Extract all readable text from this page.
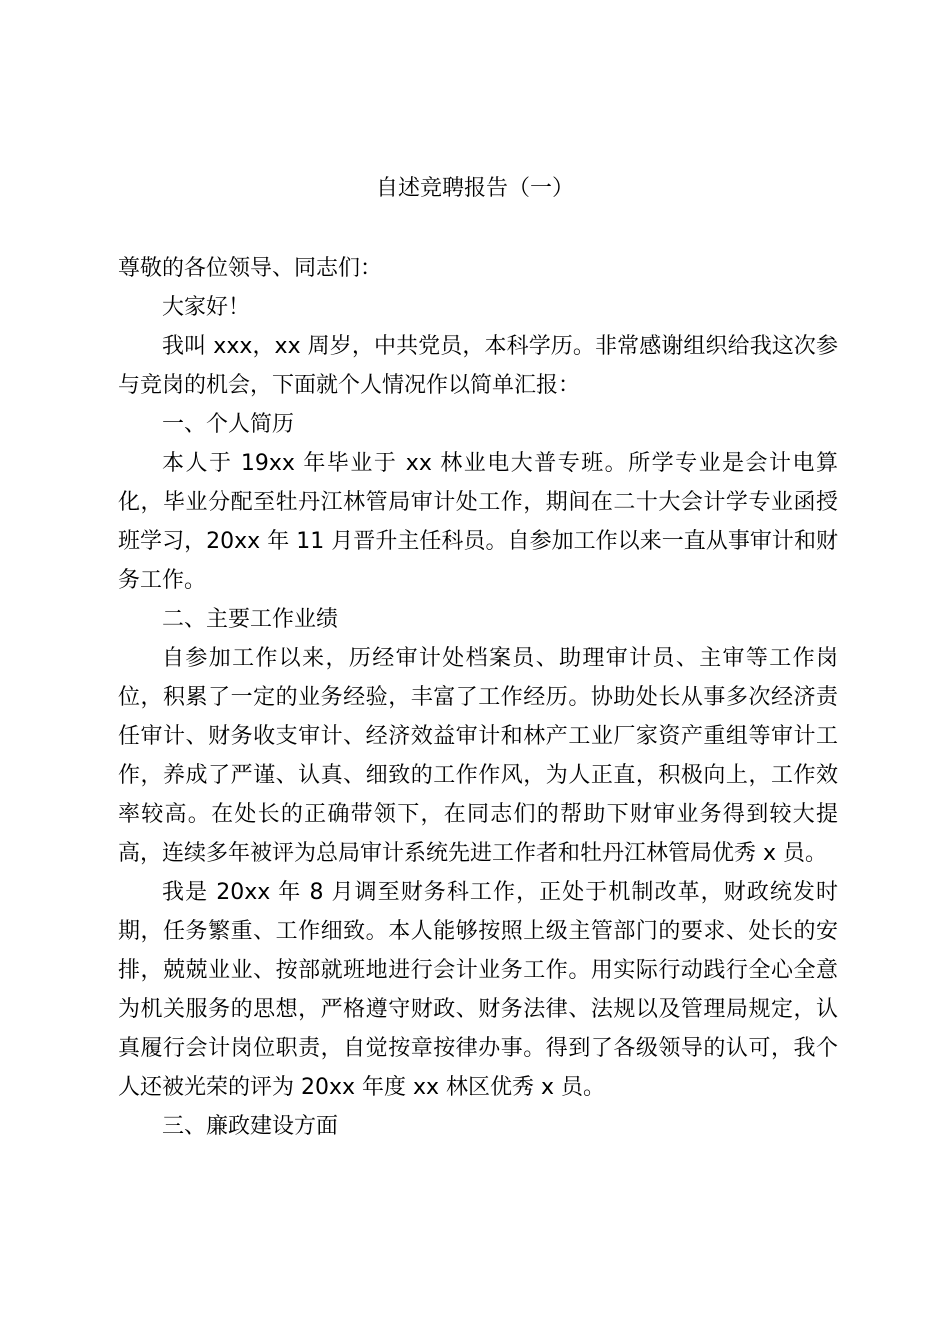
自述竞聘报告（一）

尊敬的各位领导、同志们：

大家好！

我叫 xxx，xx 周岁，中共党员，本科学历。非常感谢组织给我这次参与竞岗的机会，下面就个人情况作以简单汇报：

一、个人简历

本人于 19xx 年毕业于 xx 林业电大普专班。所学专业是会计电算化，毕业分配至牡丹江林管局审计处工作，期间在二十大会计学专业函授班学习，20xx 年 11 月晋升主任科员。自参加工作以来一直从事审计和财务工作。

二、主要工作业绩

自参加工作以来，历经审计处档案员、助理审计员、主审等工作岗位，积累了一定的业务经验，丰富了工作经历。协助处长从事多次经济责任审计、财务收支审计、经济效益审计和林产工业厂家资产重组等审计工作，养成了严谨、认真、细致的工作作风，为人正直，积极向上，工作效率较高。在处长的正确带领下，在同志们的帮助下财审业务得到较大提高，连续多年被评为总局审计系统先进工作者和牡丹江林管局优秀 x 员。

我是 20xx 年 8 月调至财务科工作，正处于机制改革，财政统发时期，任务繁重、工作细致。本人能够按照上级主管部门的要求、处长的安排，兢兢业业、按部就班地进行会计业务工作。用实际行动践行全心全意为机关服务的思想，严格遵守财政、财务法律、法规以及管理局规定，认真履行会计岗位职责，自觉按章按律办事。得到了各级领导的认可，我个人还被光荣的评为 20xx 年度 xx 林区优秀 x 员。

三、廉政建设方面
